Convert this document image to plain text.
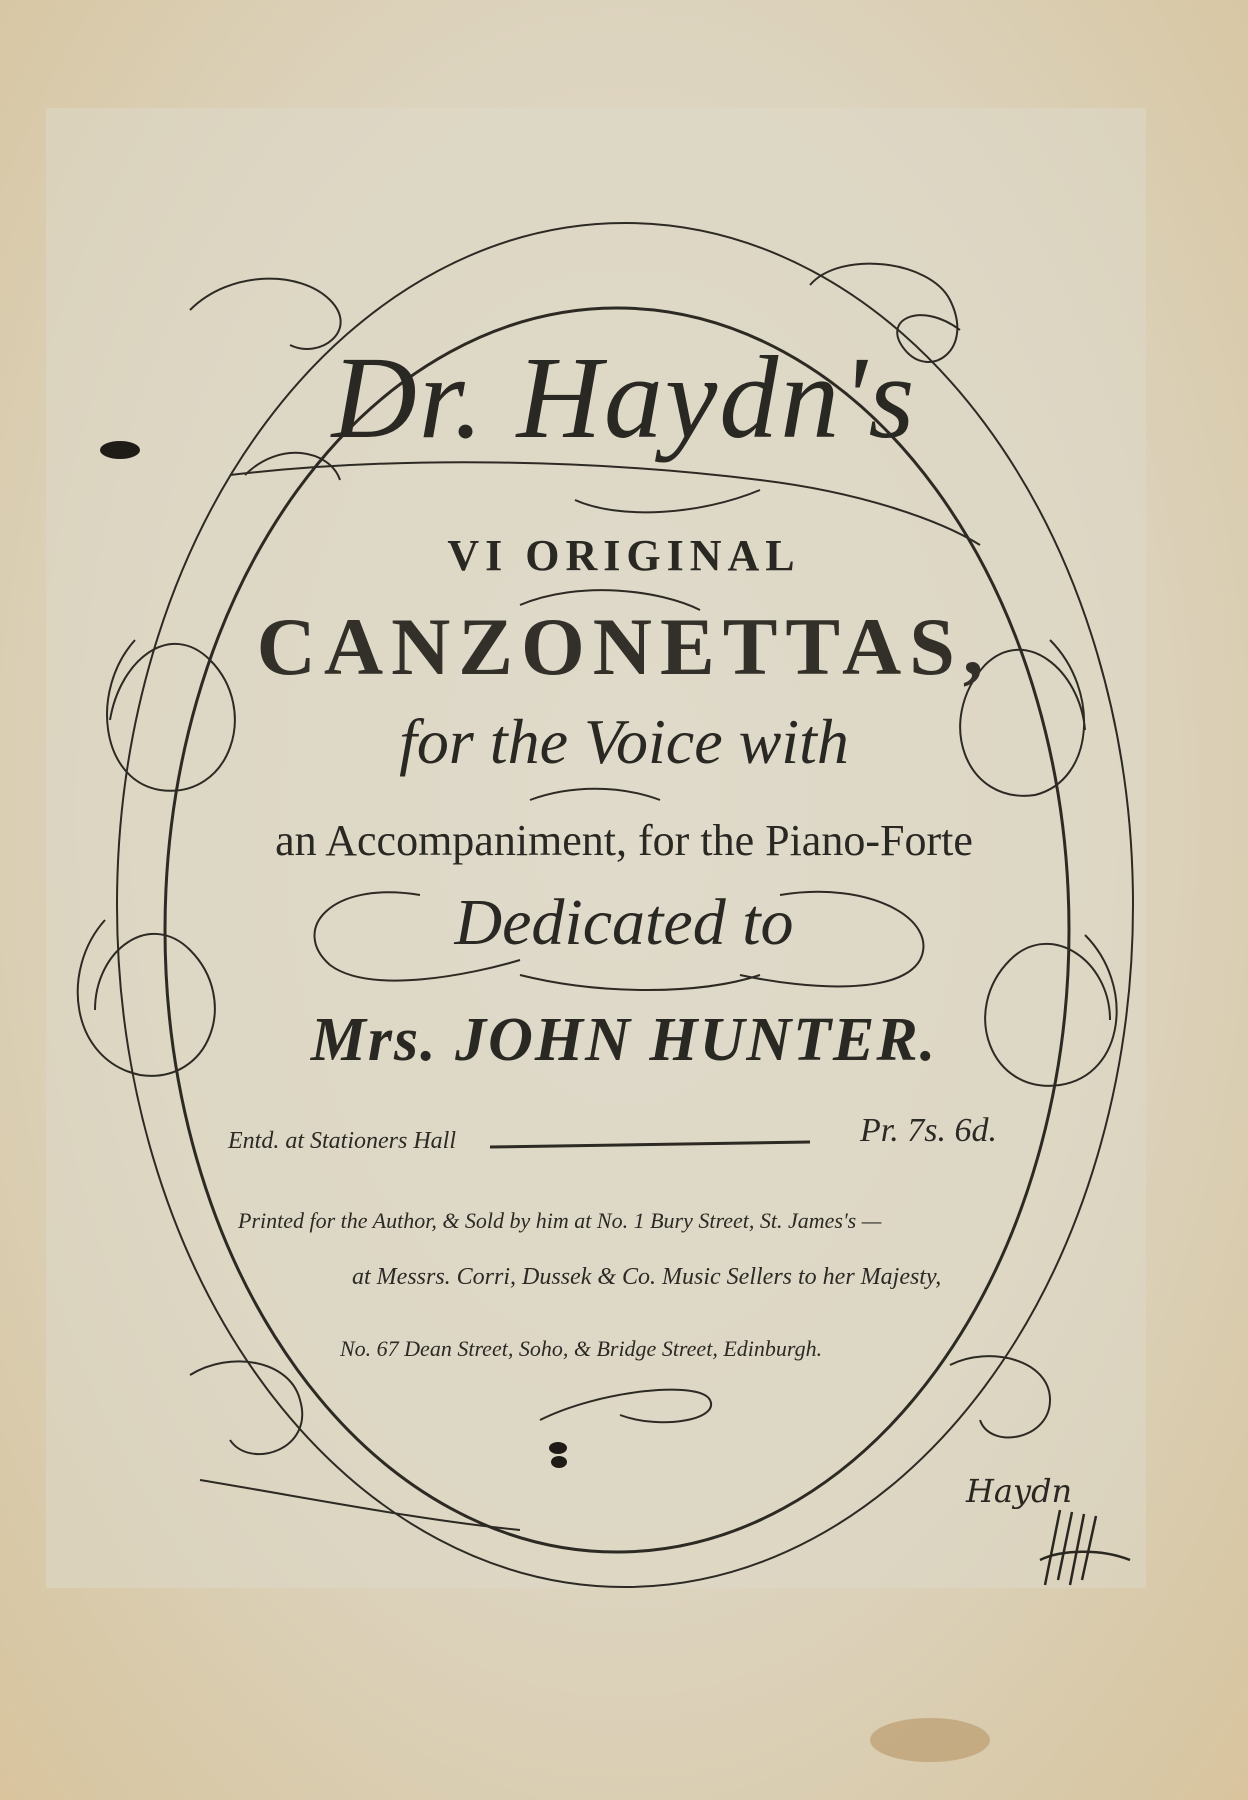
Dr. Haydn's
VI ORIGINAL
CANZONETTAS,
for the Voice with
an Accompaniment, for the Piano-Forte
Dedicated to
Mrs. JOHN HUNTER.
Entd. at Stationers Hall	Pr. 7s. 6d.
Printed for the Author, & Sold by him at No. 1 Bury Street, St. James's —
at Messrs. Corri, Dussek & Co. Music Sellers to her Majesty,
No. 67 Dean Street, Soho, & Bridge Street, Edinburgh.
Haydn
